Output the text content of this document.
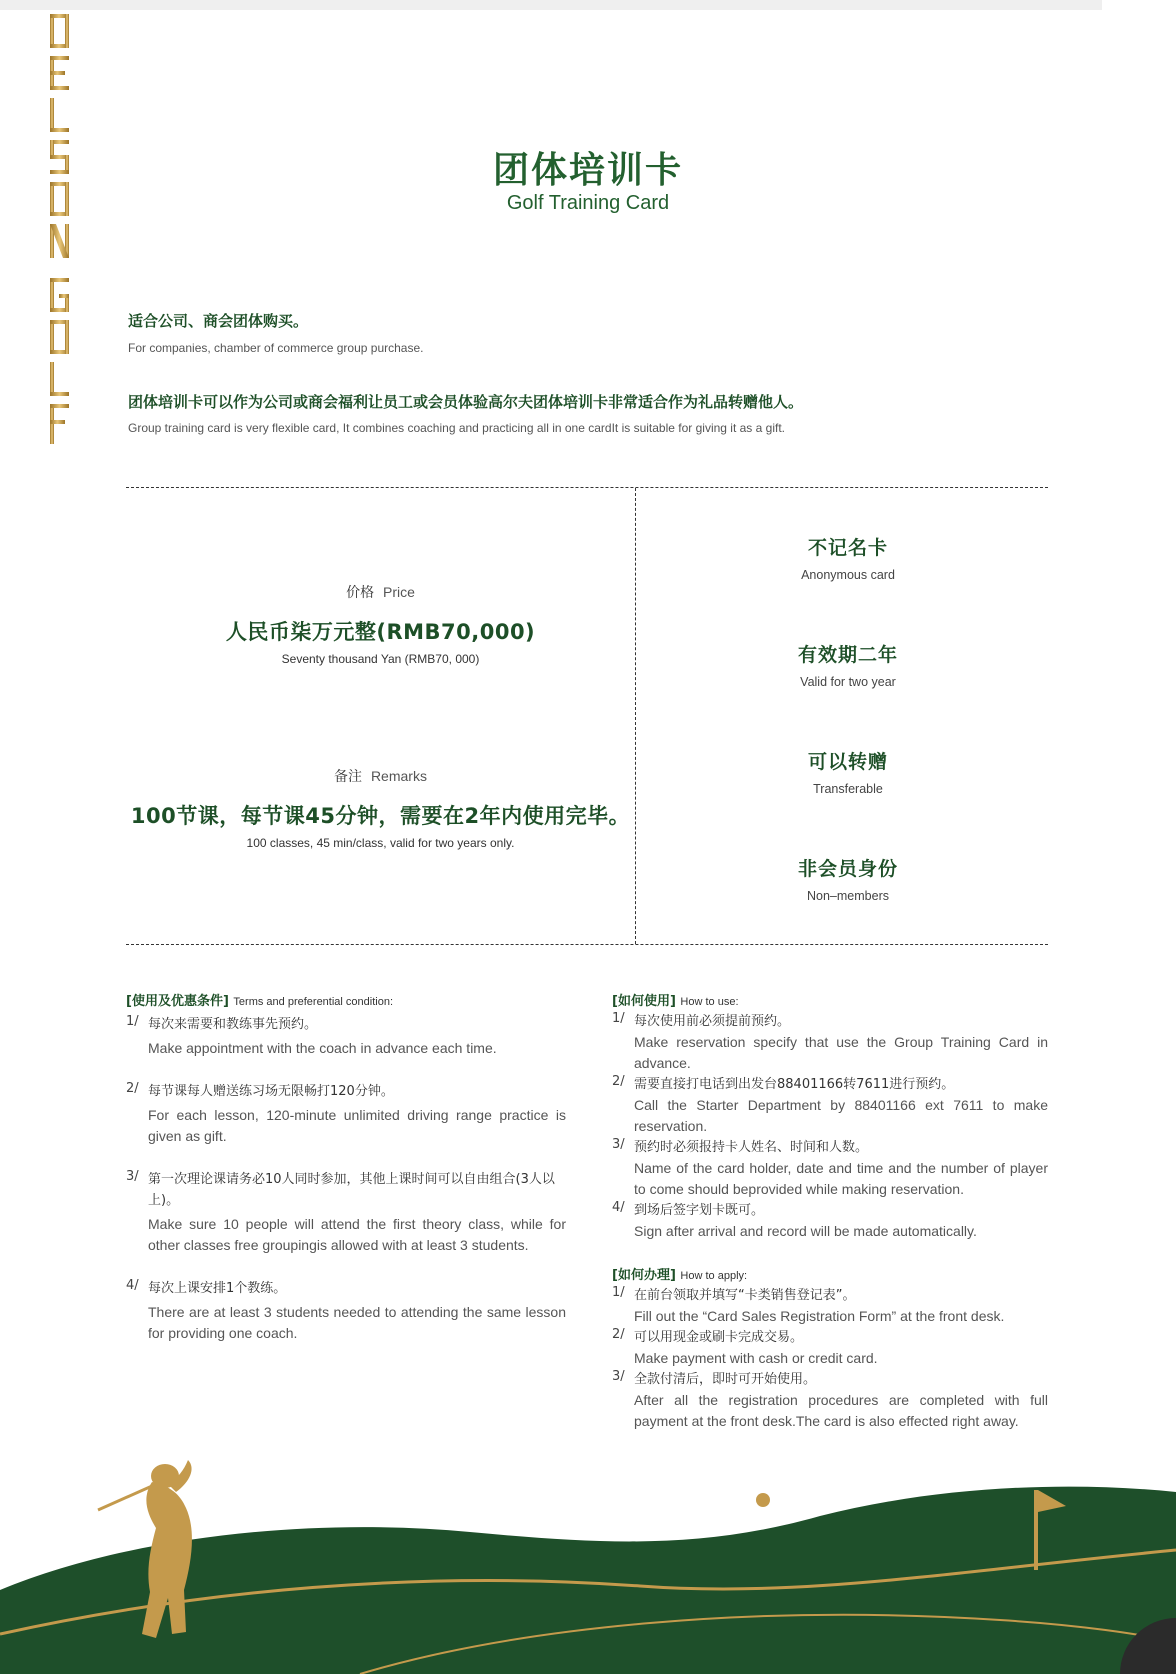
团体培训卡
Golf Training Card
适合公司、商会团体购买。
For companies, chamber of commerce group purchase.
团体培训卡可以作为公司或商会福利让员工或会员体验高尔夫团体培训卡非常适合作为礼品转赠他人。
Group training card is very flexible card, It combines coaching and practicing all in one cardIt is suitable for giving it as a gift.
价格 Price
人民币柒万元整(RMB70,000)
Seventy thousand Yan (RMB70, 000)
备注 Remarks
100节课，每节课45分钟，需要在2年内使用完毕。
100 classes, 45 min/class, valid for two years only.
不记名卡
Anonymous card
有效期二年
Valid for two year
可以转赠
Transferable
非会员身份
Non–members
[使用及优惠条件] Terms and preferential condition:
1/ 每次来需要和教练事先预约。
Make appointment with the coach in advance each time.
2/ 每节课每人赠送练习场无限畅打120分钟。
For each lesson, 120-minute unlimited driving range practice is given as gift.
3/ 第一次理论课请务必10人同时参加，其他上课时间可以自由组合(3人以上)。
Make sure 10 people will attend the first theory class, while for other classes free groupingis allowed with at least 3 students.
4/ 每次上课安排1个教练。
There are at least 3 students needed to attending the same lesson for providing one coach.
[如何使用] How to use:
1/ 每次使用前必须提前预约。
Make reservation specify that use the Group Training Card in advance.
2/ 需要直接打电话到出发台88401166转7611进行预约。
Call the Starter Department by 88401166 ext 7611 to make reservation.
3/ 预约时必须报持卡人姓名、时间和人数。
Name of the card holder, date and time and the number of player to come should beprovided while making reservation.
4/ 到场后签字划卡既可。
Sign after arrival and record will be made automatically.
[如何办理] How to apply:
1/ 在前台领取并填写“卡类销售登记表”。
Fill out the “Card Sales Registration Form” at the front desk.
2/ 可以用现金或刷卡完成交易。
Make payment with cash or credit card.
3/ 全款付清后，即时可开始使用。
After all the registration procedures are completed with full payment at the front desk.The card is also effected right away.
